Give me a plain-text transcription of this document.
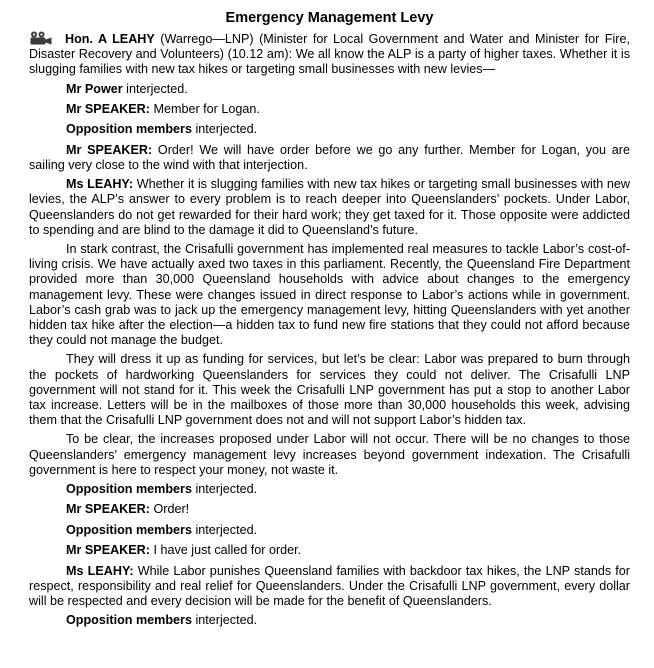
Emergency Management Levy

Hon. A LEAHY (Warrego—LNP) (Minister for Local Government and Water and Minister for Fire, Disaster Recovery and Volunteers) (10.12 am): We all know the ALP is a party of higher taxes. Whether it is slugging families with new tax hikes or targeting small businesses with new levies—

Mr Power interjected.

Mr SPEAKER: Member for Logan.

Opposition members interjected.

Mr SPEAKER: Order! We will have order before we go any further. Member for Logan, you are sailing very close to the wind with that interjection.

Ms LEAHY: Whether it is slugging families with new tax hikes or targeting small businesses with new levies, the ALP’s answer to every problem is to reach deeper into Queenslanders’ pockets. Under Labor, Queenslanders do not get rewarded for their hard work; they get taxed for it. Those opposite were addicted to spending and are blind to the damage it did to Queensland’s future.

In stark contrast, the Crisafulli government has implemented real measures to tackle Labor’s cost-of-living crisis. We have actually axed two taxes in this parliament. Recently, the Queensland Fire Department provided more than 30,000 Queensland households with advice about changes to the emergency management levy. These were changes issued in direct response to Labor’s actions while in government. Labor’s cash grab was to jack up the emergency management levy, hitting Queenslanders with yet another hidden tax hike after the election—a hidden tax to fund new fire stations that they could not afford because they could not manage the budget.

They will dress it up as funding for services, but let’s be clear: Labor was prepared to burn through the pockets of hardworking Queenslanders for services they could not deliver. The Crisafulli LNP government will not stand for it. This week the Crisafulli LNP government has put a stop to another Labor tax increase. Letters will be in the mailboxes of those more than 30,000 households this week, advising them that the Crisafulli LNP government does not and will not support Labor’s hidden tax.

To be clear, the increases proposed under Labor will not occur. There will be no changes to those Queenslanders’ emergency management levy increases beyond government indexation. The Crisafulli government is here to respect your money, not waste it.

Opposition members interjected.

Mr SPEAKER: Order!

Opposition members interjected.

Mr SPEAKER: I have just called for order.

Ms LEAHY: While Labor punishes Queensland families with backdoor tax hikes, the LNP stands for respect, responsibility and real relief for Queenslanders. Under the Crisafulli LNP government, every dollar will be respected and every decision will be made for the benefit of Queenslanders.

Opposition members interjected.
